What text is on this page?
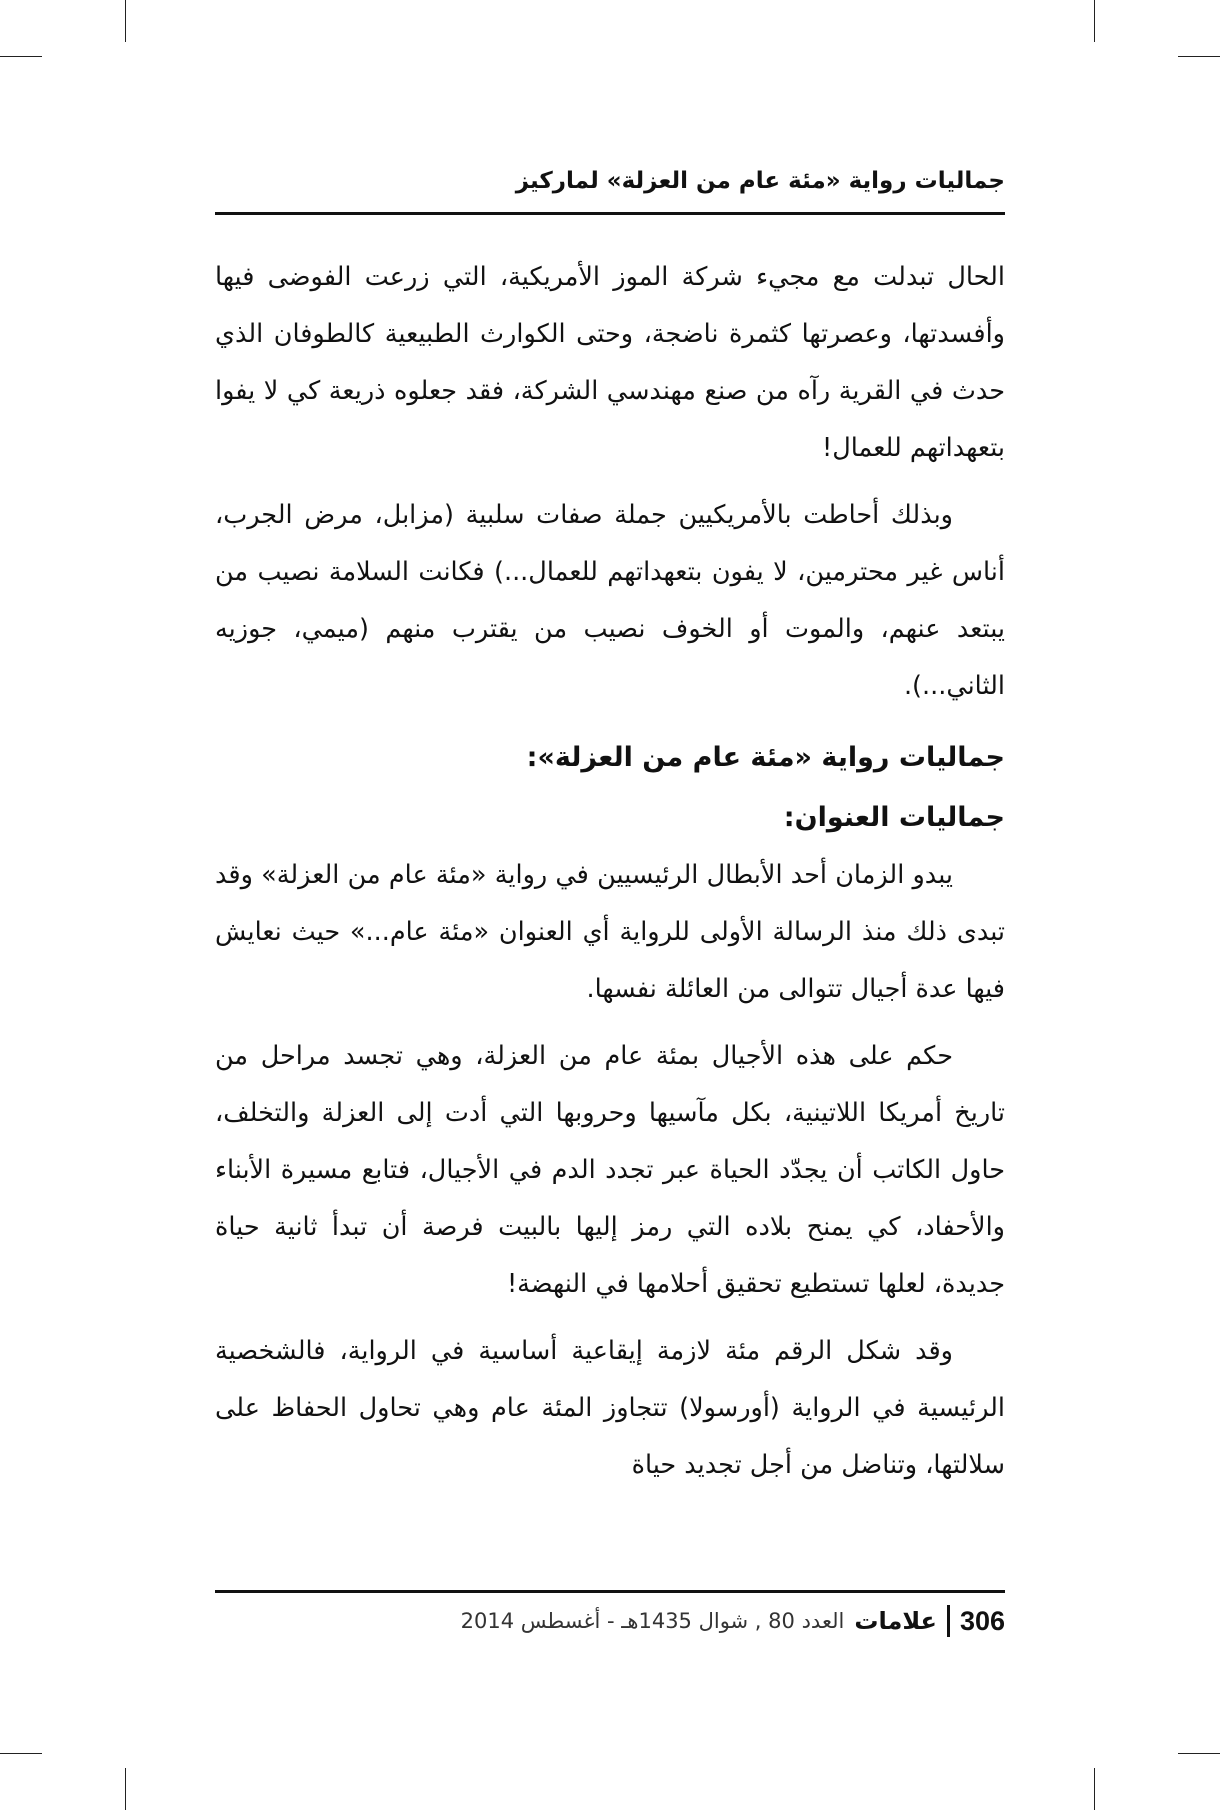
جماليات رواية «مئة عام من العزلة» لماركيز

الحال تبدلت مع مجيء شركة الموز الأمريكية، التي زرعت الفوضى فيها وأفسدتها، وعصرتها كثمرة ناضجة، وحتى الكوارث الطبيعية كالطوفان الذي حدث في القرية رآه من صنع مهندسي الشركة، فقد جعلوه ذريعة كي لا يفوا بتعهداتهم للعمال!

وبذلك أحاطت بالأمريكيين جملة صفات سلبية (مزابل، مرض الجرب، أناس غير محترمين، لا يفون بتعهداتهم للعمال...) فكانت السلامة نصيب من يبتعد عنهم، والموت أو الخوف نصيب من يقترب منهم (ميمي، جوزيه الثاني...).

جماليات رواية «مئة عام من العزلة»:
جماليات العنوان:

يبدو الزمان أحد الأبطال الرئيسيين في رواية «مئة عام من العزلة» وقد تبدى ذلك منذ الرسالة الأولى للرواية أي العنوان «مئة عام...» حيث نعايش فيها عدة أجيال تتوالى من العائلة نفسها.

حكم على هذه الأجيال بمئة عام من العزلة، وهي تجسد مراحل من تاريخ أمريكا اللاتينية، بكل مآسيها وحروبها التي أدت إلى العزلة والتخلف، حاول الكاتب أن يجدّد الحياة عبر تجدد الدم في الأجيال، فتابع مسيرة الأبناء والأحفاد، كي يمنح بلاده التي رمز إليها بالبيت فرصة أن تبدأ ثانية حياة جديدة، لعلها تستطيع تحقيق أحلامها في النهضة!

وقد شكل الرقم مئة لازمة إيقاعية أساسية في الرواية، فالشخصية الرئيسية في الرواية (أورسولا) تتجاوز المئة عام وهي تحاول الحفاظ على سلالتها، وتناضل من أجل تجديد حياة

306
علامات
العدد 80 , شوال 1435هـ - أغسطس 2014
